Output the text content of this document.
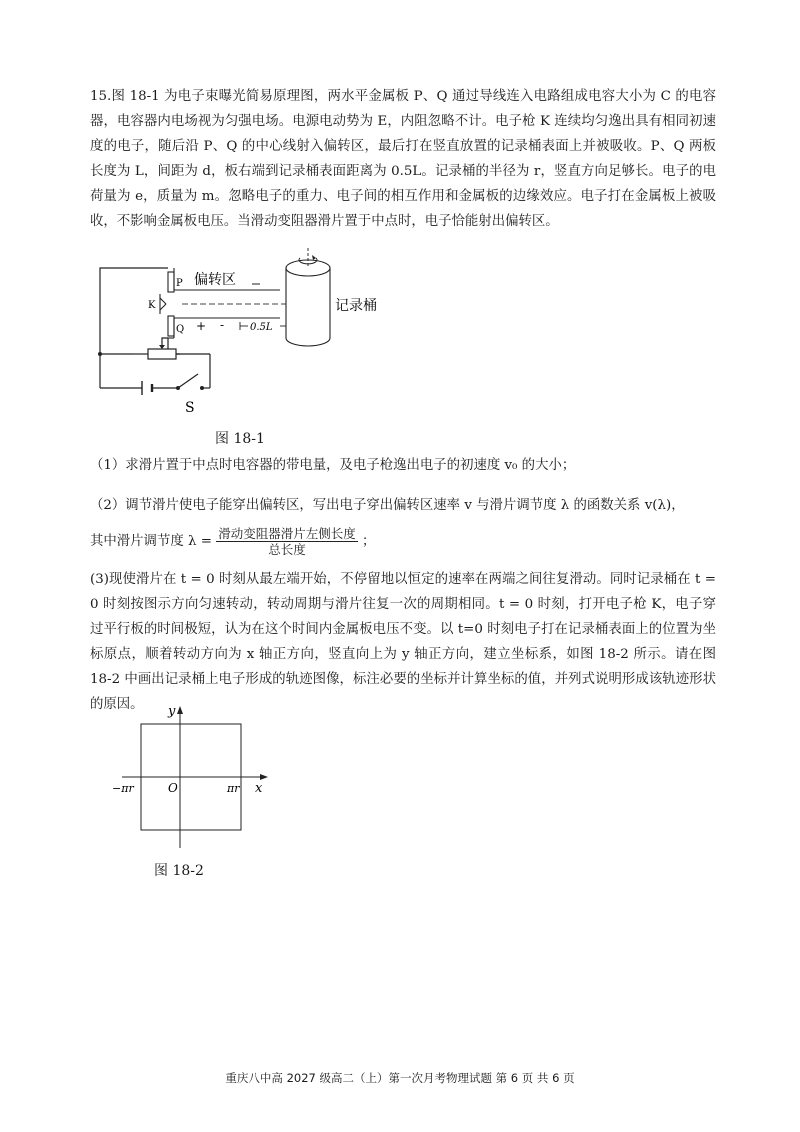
15.图 18-1 为电子束曝光简易原理图，两水平金属板 P、Q 通过导线连入电路组成电容大小为 C 的电容器，电容器内电场视为匀强电场。电源电动势为 E，内阻忽略不计。电子枪 K 连续均匀逸出具有相同初速度的电子，随后沿 P、Q 的中心线射入偏转区，最后打在竖直放置的记录桶表面上并被吸收。P、Q 两板长度为 L，间距为 d，板右端到记录桶表面距离为 0.5L。记录桶的半径为 r，竖直方向足够长。电子的电荷量为 e，质量为 m。忽略电子的重力、电子间的相互作用和金属板的边缘效应。电子打在金属板上被吸收，不影响金属板电压。当滑动变阻器滑片置于中点时，电子恰能射出偏转区。
S
P
Q
K
偏转区
+ -	0.5L
记录桶
图 18-1
（1）求滑片置于中点时电容器的带电量，及电子枪逸出电子的初速度 v₀ 的大小；
（2）调节滑片使电子能穿出偏转区，写出电子穿出偏转区速率 v 与滑片调节度 λ 的函数关系 v(λ)，
其中滑片调节度 $\lambda = \frac{\text{滑动变阻器滑片左侧长度}}{\text{总长度}}$ ；
(3)现使滑片在 t = 0 时刻从最左端开始，不停留地以恒定的速率在两端之间往复滑动。同时记录桶在 t = 0 时刻按图示方向匀速转动，转动周期与滑片往复一次的周期相同。t = 0 时刻，打开电子枪 K，电子穿过平行板的时间极短，认为在这个时间内金属板电压不变。以 t=0 时刻电子打在记录桶表面上的位置为坐标原点，顺着转动方向为 x 轴正方向，竖直向上为 y 轴正方向，建立坐标系，如图 18-2 所示。请在图 18-2 中画出记录桶上电子形成的轨迹图像，标注必要的坐标并计算坐标的值，并列式说明形成该轨迹形状的原因。	y
x
O
−πr	πr
图 18-2
重庆八中高 2027 级高二（上）第一次月考物理试题 第 6 页 共 6 页
